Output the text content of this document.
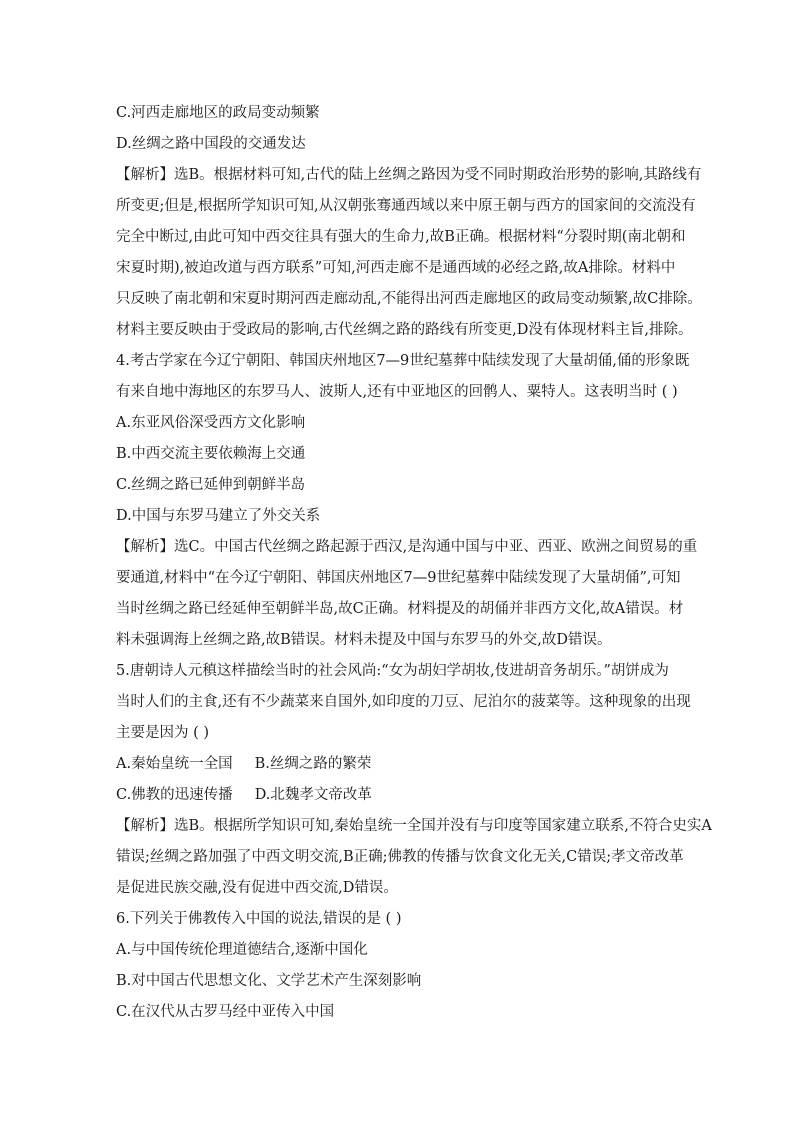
C.河西走廊地区的政局变动频繁

D.丝绸之路中国段的交通发达

【解析】选B。根据材料可知,古代的陆上丝绸之路因为受不同时期政治形势的影响,其路线有

所变更;但是,根据所学知识可知,从汉朝张骞通西域以来中原王朝与西方的国家间的交流没有

完全中断过,由此可知中西交往具有强大的生命力,故B正确。根据材料“分裂时期(南北朝和

宋夏时期),被迫改道与西方联系”可知,河西走廊不是通西域的必经之路,故A排除。材料中

只反映了南北朝和宋夏时期河西走廊动乱,不能得出河西走廊地区的政局变动频繁,故C排除。

材料主要反映由于受政局的影响,古代丝绸之路的路线有所变更,D没有体现材料主旨,排除。

4.考古学家在今辽宁朝阳、韩国庆州地区7—9世纪墓葬中陆续发现了大量胡俑,俑的形象既

有来自地中海地区的东罗马人、波斯人,还有中亚地区的回鹘人、粟特人。这表明当时 ( )

A.东亚风俗深受西方文化影响

B.中西交流主要依赖海上交通

C.丝绸之路已延伸到朝鲜半岛

D.中国与东罗马建立了外交关系

【解析】选C。中国古代丝绸之路起源于西汉,是沟通中国与中亚、西亚、欧洲之间贸易的重

要通道,材料中“在今辽宁朝阳、韩国庆州地区7—9世纪墓葬中陆续发现了大量胡俑”,可知

当时丝绸之路已经延伸至朝鲜半岛,故C正确。材料提及的胡俑并非西方文化,故A错误。材

料未强调海上丝绸之路,故B错误。材料未提及中国与东罗马的外交,故D错误。

5.唐朝诗人元稹这样描绘当时的社会风尚:“女为胡妇学胡妆,伎进胡音务胡乐。”胡饼成为

当时人们的主食,还有不少蔬菜来自国外,如印度的刀豆、尼泊尔的菠菜等。这种现象的出现

主要是因为 ( )

A.秦始皇统一全国 B.丝绸之路的繁荣

C.佛教的迅速传播 D.北魏孝文帝改革

【解析】选B。根据所学知识可知,秦始皇统一全国并没有与印度等国家建立联系,不符合史实A

错误;丝绸之路加强了中西文明交流,B正确;佛教的传播与饮食文化无关,C错误;孝文帝改革

是促进民族交融,没有促进中西交流,D错误。

6.下列关于佛教传入中国的说法,错误的是 ( )

A.与中国传统伦理道德结合,逐渐中国化

B.对中国古代思想文化、文学艺术产生深刻影响

C.在汉代从古罗马经中亚传入中国
